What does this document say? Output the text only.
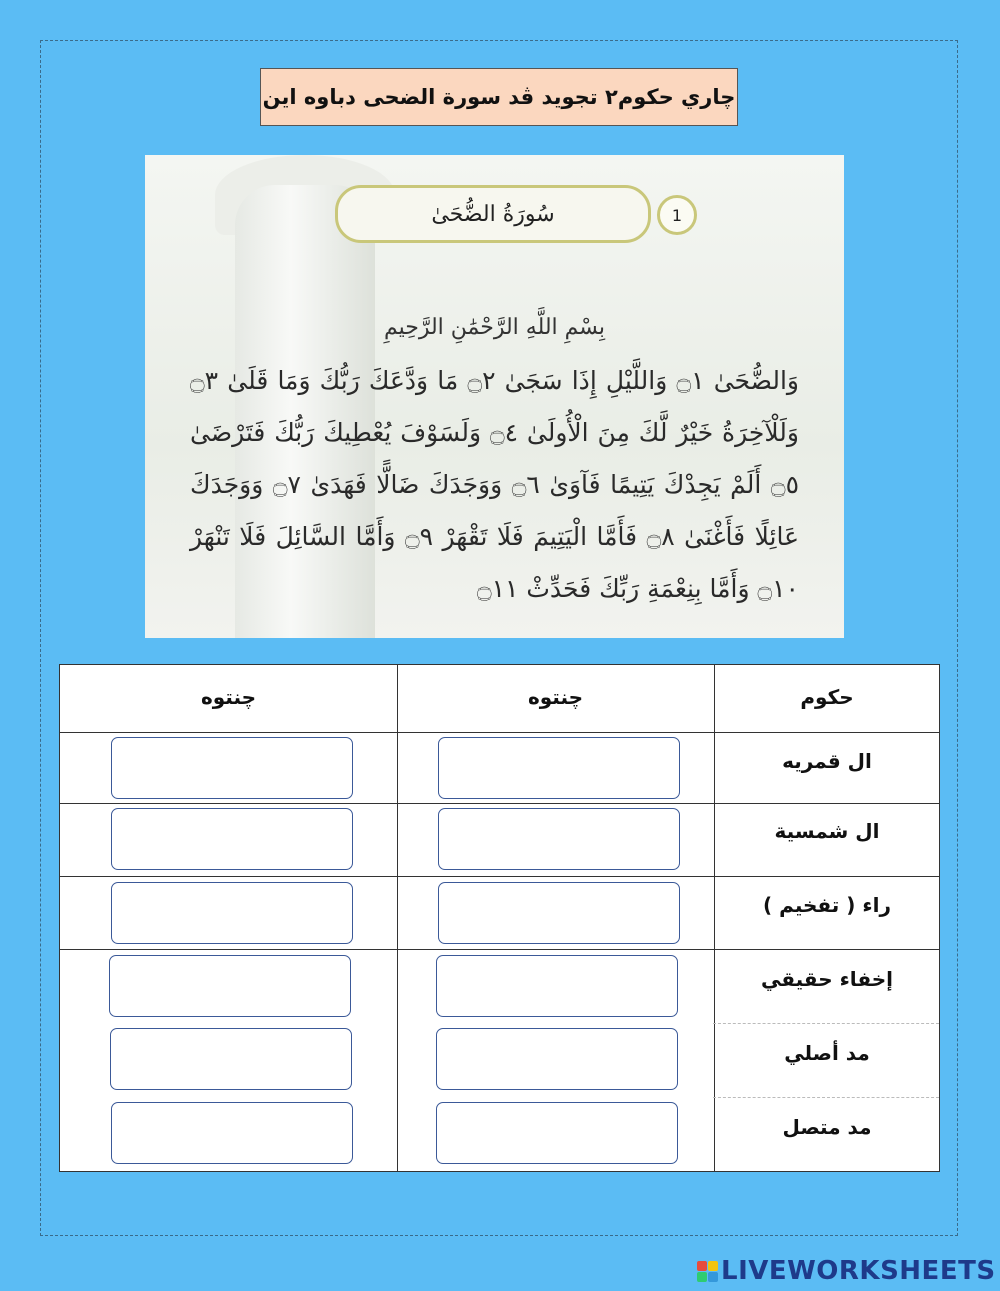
چاري حکوم٢ تجويد ڤد سورة الضحى دباوه اين
سُورَةُ الضُّحَىٰ	1
بِسْمِ اللَّهِ الرَّحْمَٰنِ الرَّحِيمِ
وَالضُّحَىٰ ۝١ وَاللَّيْلِ إِذَا سَجَىٰ ۝٢ مَا وَدَّعَكَ رَبُّكَ وَمَا قَلَىٰ ۝٣ وَلَلْآخِرَةُ خَيْرٌ لَّكَ مِنَ الْأُولَىٰ ۝٤ وَلَسَوْفَ يُعْطِيكَ رَبُّكَ فَتَرْضَىٰ ۝٥ أَلَمْ يَجِدْكَ يَتِيمًا فَآوَىٰ ۝٦ وَوَجَدَكَ ضَالًّا فَهَدَىٰ ۝٧ وَوَجَدَكَ عَائِلًا فَأَغْنَىٰ ۝٨ فَأَمَّا الْيَتِيمَ فَلَا تَقْهَرْ ۝٩ وَأَمَّا السَّائِلَ فَلَا تَنْهَرْ ۝١٠ وَأَمَّا بِنِعْمَةِ رَبِّكَ فَحَدِّثْ ۝١١
حکوم
چنتوه
چنتوه
ال قمريه
ال شمسية
راء ( تفخيم )
إخفاء حقيقي
مد أصلي
مد متصل
LIVEWORKSHEETS
